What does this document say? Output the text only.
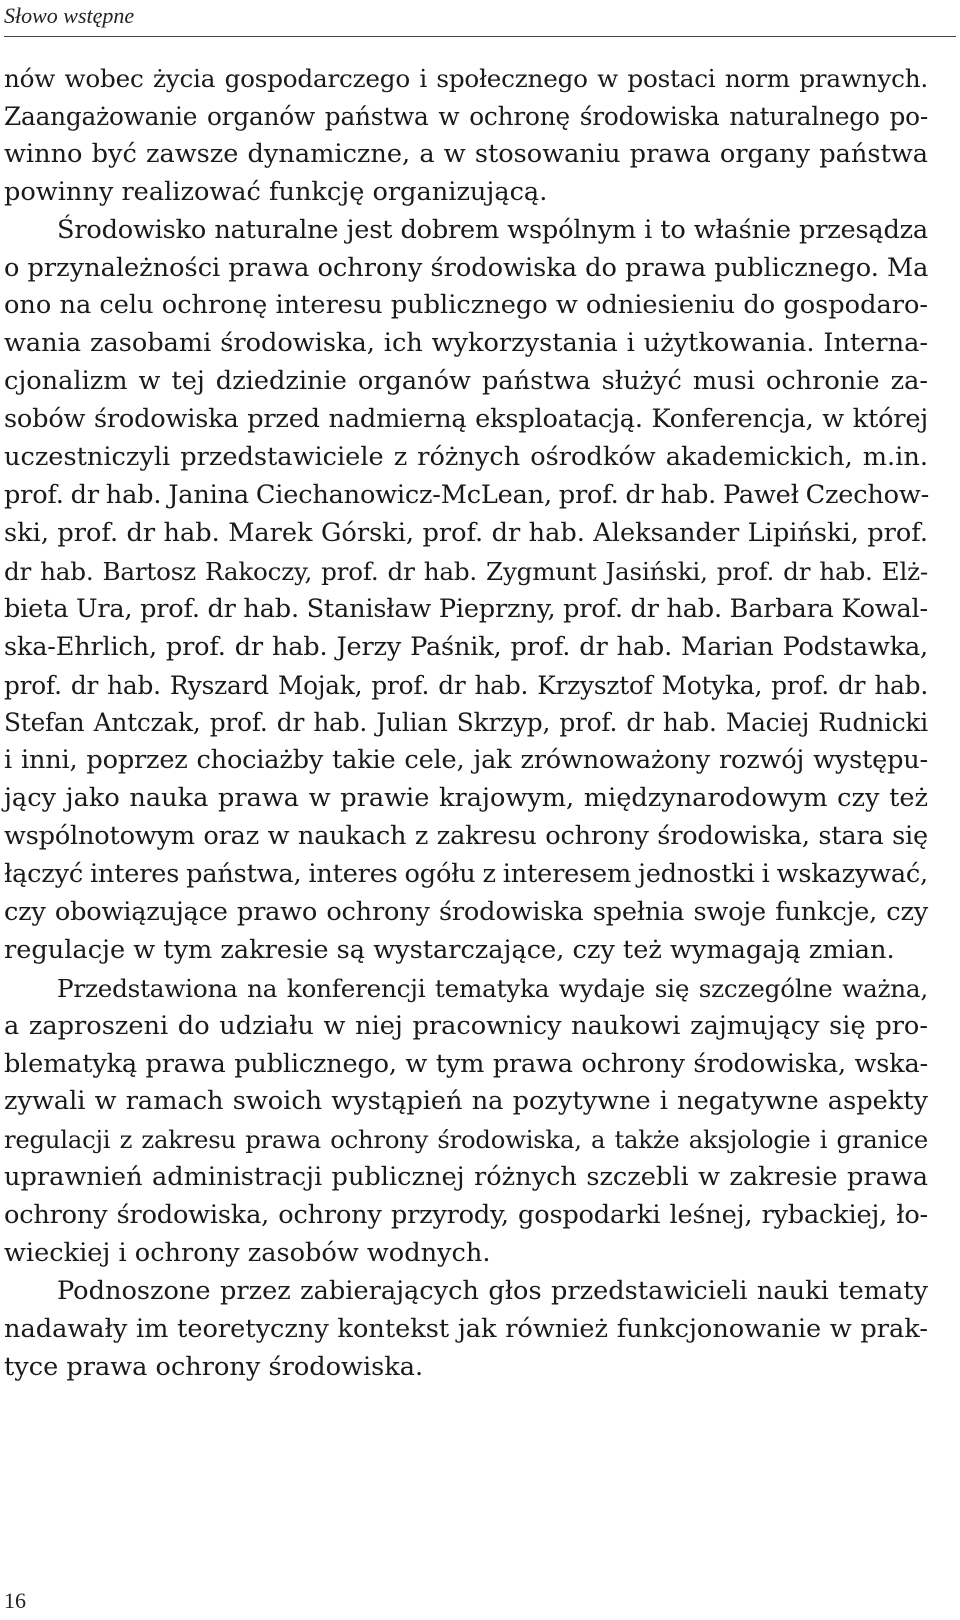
Słowo wstępne

nów wobec życia gospodarczego i społecznego w postaci norm prawnych.
Zaangażowanie organów państwa w ochronę środowiska naturalnego po-
winno być zawsze dynamiczne, a w stosowaniu prawa organy państwa
powinny realizować funkcję organizującą.

Środowisko naturalne jest dobrem wspólnym i to właśnie przesądza
o przynależności prawa ochrony środowiska do prawa publicznego. Ma
ono na celu ochronę interesu publicznego w odniesieniu do gospodaro-
wania zasobami środowiska, ich wykorzystania i użytkowania. Interna-
cjonalizm w tej dziedzinie organów państwa służyć musi ochronie za-
sobów środowiska przed nadmierną eksploatacją. Konferencja, w której
uczestniczyli przedstawiciele z różnych ośrodków akademickich, m.in.
prof. dr hab. Janina Ciechanowicz-McLean, prof. dr hab. Paweł Czechow-
ski, prof. dr hab. Marek Górski, prof. dr hab. Aleksander Lipiński, prof.
dr hab. Bartosz Rakoczy, prof. dr hab. Zygmunt Jasiński, prof. dr hab. Elż-
bieta Ura, prof. dr hab. Stanisław Pieprzny, prof. dr hab. Barbara Kowal-
ska-Ehrlich, prof. dr hab. Jerzy Paśnik, prof. dr hab. Marian Podstawka,
prof. dr hab. Ryszard Mojak, prof. dr hab. Krzysztof Motyka, prof. dr hab.
Stefan Antczak, prof. dr hab. Julian Skrzyp, prof. dr hab. Maciej Rudnicki
i inni, poprzez chociażby takie cele, jak zrównoważony rozwój występu-
jący jako nauka prawa w prawie krajowym, międzynarodowym czy też
wspólnotowym oraz w naukach z zakresu ochrony środowiska, stara się
łączyć interes państwa, interes ogółu z interesem jednostki i wskazywać,
czy obowiązujące prawo ochrony środowiska spełnia swoje funkcje, czy
regulacje w tym zakresie są wystarczające, czy też wymagają zmian.

Przedstawiona na konferencji tematyka wydaje się szczególne ważna,
a zaproszeni do udziału w niej pracownicy naukowi zajmujący się pro-
blematyką prawa publicznego, w tym prawa ochrony środowiska, wska-
zywali w ramach swoich wystąpień na pozytywne i negatywne aspekty
regulacji z zakresu prawa ochrony środowiska, a także aksjologie i granice
uprawnień administracji publicznej różnych szczebli w zakresie prawa
ochrony środowiska, ochrony przyrody, gospodarki leśnej, rybackiej, ło-
wieckiej i ochrony zasobów wodnych.

Podnoszone przez zabierających głos przedstawicieli nauki tematy
nadawały im teoretyczny kontekst jak również funkcjonowanie w prak-
tyce prawa ochrony środowiska.

16
